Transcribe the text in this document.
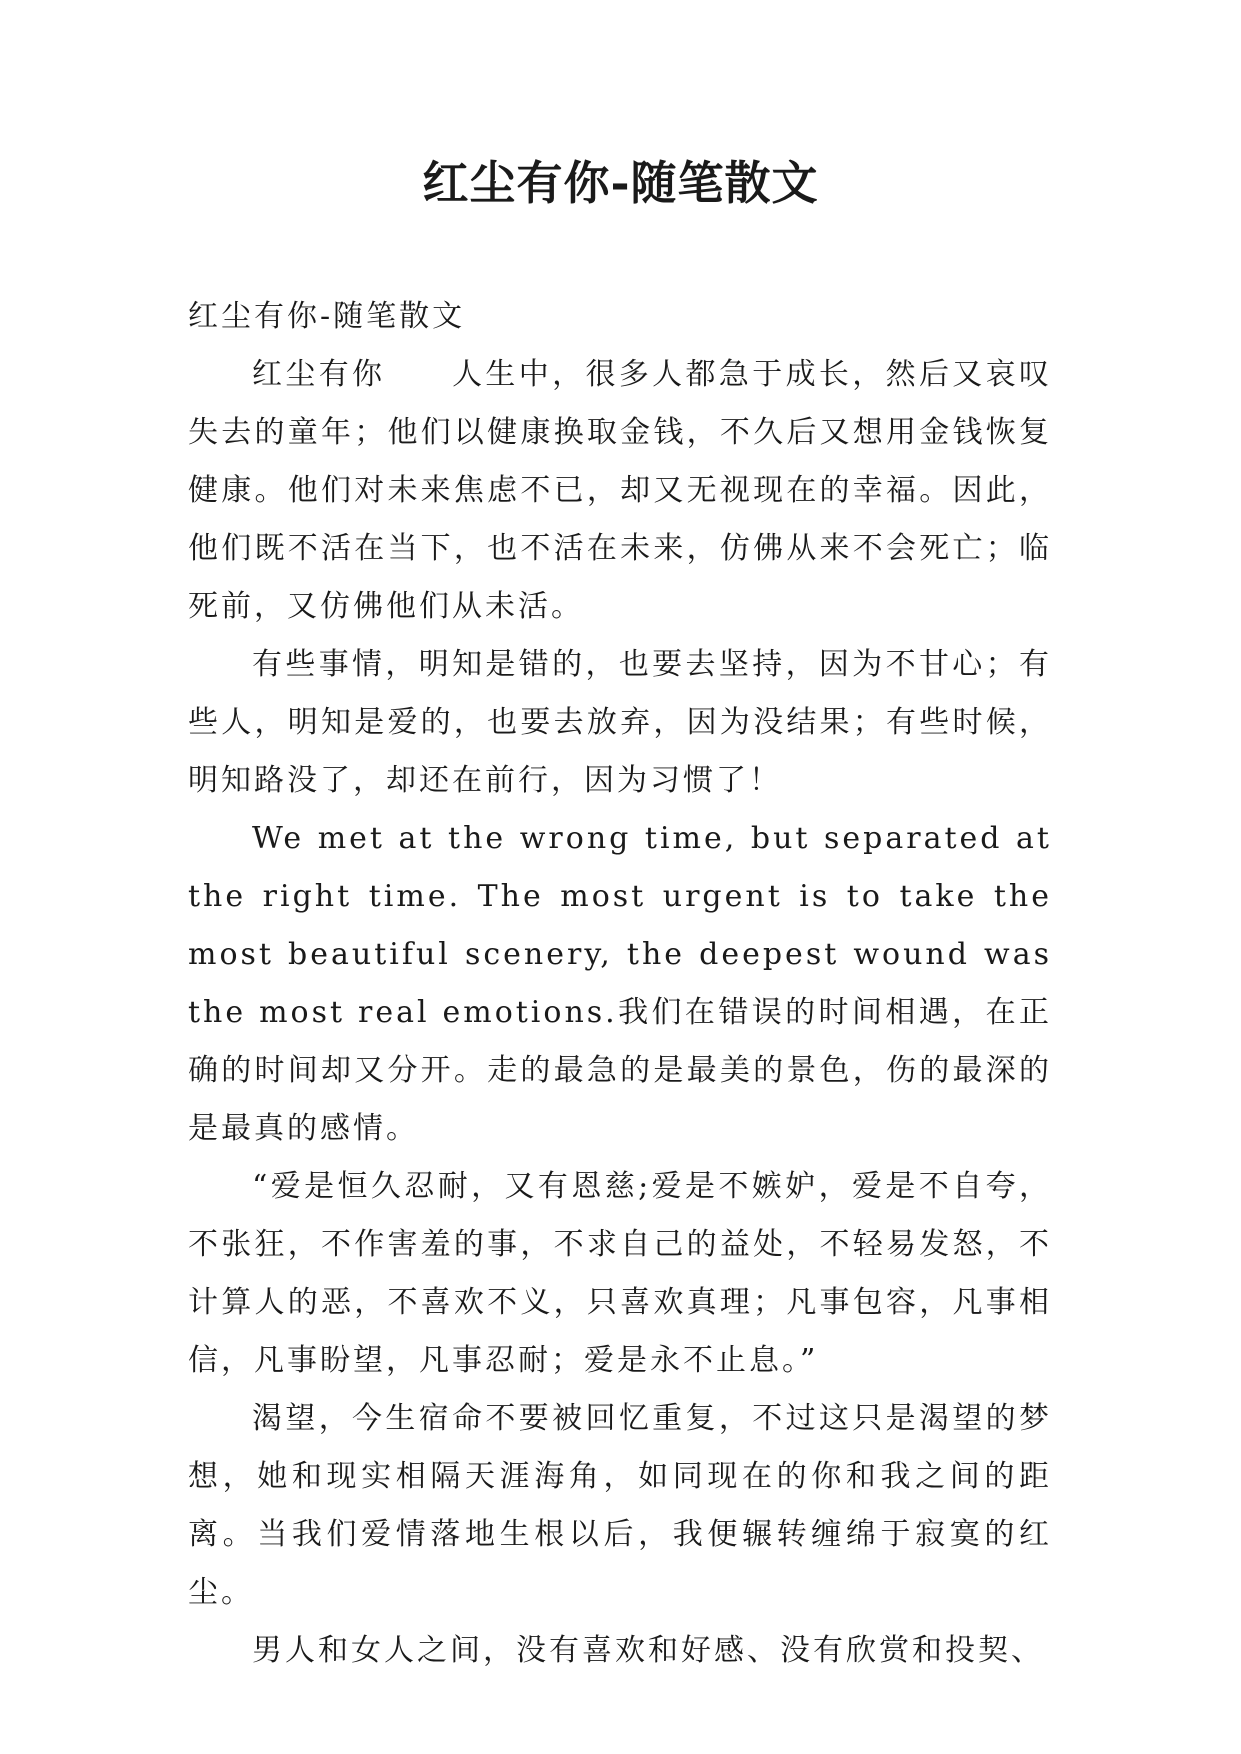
红尘有你-随笔散文

红尘有你-随笔散文

红尘有你　　人生中，很多人都急于成长，然后又哀叹失去的童年；他们以健康换取金钱，不久后又想用金钱恢复健康。他们对未来焦虑不已，却又无视现在的幸福。因此，他们既不活在当下，也不活在未来，仿佛从来不会死亡；临死前，又仿佛他们从未活。

有些事情，明知是错的，也要去坚持，因为不甘心；有些人，明知是爱的，也要去放弃，因为没结果；有些时候，明知路没了，却还在前行，因为习惯了！

We met at the wrong time, but separated at the right time. The most urgent is to take the most beautiful scenery, the deepest wound was the most real emotions.我们在错误的时间相遇，在正确的时间却又分开。走的最急的是最美的景色，伤的最深的是最真的感情。

“爱是恒久忍耐，又有恩慈;爱是不嫉妒，爱是不自夸，不张狂，不作害羞的事，不求自己的益处，不轻易发怒，不计算人的恶，不喜欢不义，只喜欢真理；凡事包容，凡事相信，凡事盼望，凡事忍耐；爱是永不止息。”

渴望，今生宿命不要被回忆重复，不过这只是渴望的梦想，她和现实相隔天涯海角，如同现在的你和我之间的距离。当我们爱情落地生根以后，我便辗转缠绵于寂寞的红尘。

男人和女人之间，没有喜欢和好感、没有欣赏和投契、
